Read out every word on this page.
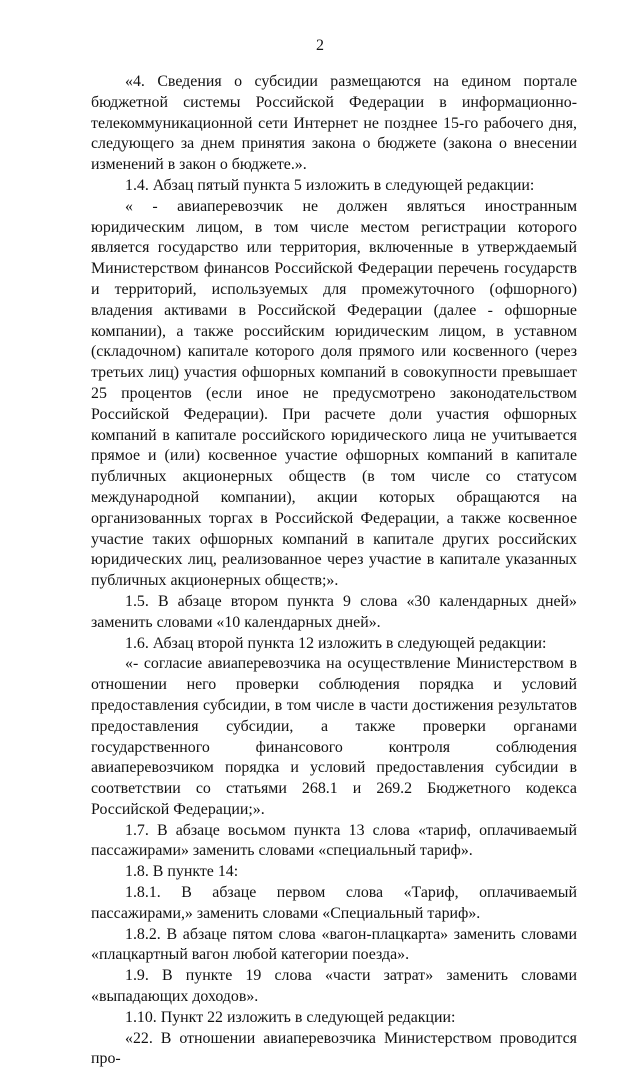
2

«4. Сведения о субсидии размещаются на едином портале бюджетной системы Российской Федерации в информационно-телекоммуникационной сети Интернет не позднее 15-го рабочего дня, следующего за днем принятия закона о бюджете (закона о внесении изменений в закон о бюджете.».

1.4. Абзац пятый пункта 5 изложить в следующей редакции:

« - авиаперевозчик не должен являться иностранным юридическим лицом, в том числе местом регистрации которого является государство или территория, включенные в утверждаемый Министерством финансов Российской Федерации перечень государств и территорий, используемых для промежуточного (офшорного) владения активами в Российской Федерации (далее - офшорные компании), а также российским юридическим лицом, в уставном (складочном) капитале которого доля прямого или косвенного (через третьих лиц) участия офшорных компаний в совокупности превышает 25 процентов (если иное не предусмотрено законодательством Российской Федерации). При расчете доли участия офшорных компаний в капитале российского юридического лица не учитывается прямое и (или) косвенное участие офшорных компаний в капитале публичных акционерных обществ (в том числе со статусом международной компании), акции которых обращаются на организованных торгах в Российской Федерации, а также косвенное участие таких офшорных компаний в капитале других российских юридических лиц, реализованное через участие в капитале указанных публичных акционерных обществ;».

1.5. В абзаце втором пункта 9 слова «30 календарных дней» заменить словами «10 календарных дней».

1.6. Абзац второй пункта 12 изложить в следующей редакции:

«- согласие авиаперевозчика на осуществление Министерством в отношении него проверки соблюдения порядка и условий предоставления субсидии, в том числе в части достижения результатов предоставления субсидии, а также проверки органами государственного финансового контроля соблюдения авиаперевозчиком порядка и условий предоставления субсидии в соответствии со статьями 268.1 и 269.2 Бюджетного кодекса Российской Федерации;».

1.7. В абзаце восьмом пункта 13 слова «тариф, оплачиваемый пассажирами» заменить словами «специальный тариф».

1.8. В пункте 14:

1.8.1. В абзаце первом слова «Тариф, оплачиваемый пассажирами,» заменить словами «Специальный тариф».

1.8.2. В абзаце пятом слова «вагон-плацкарта» заменить словами «плацкартный вагон любой категории поезда».

1.9. В пункте 19 слова «части затрат» заменить словами «выпадающих доходов».

1.10. Пункт 22 изложить в следующей редакции:

«22. В отношении авиаперевозчика Министерством проводится про-
